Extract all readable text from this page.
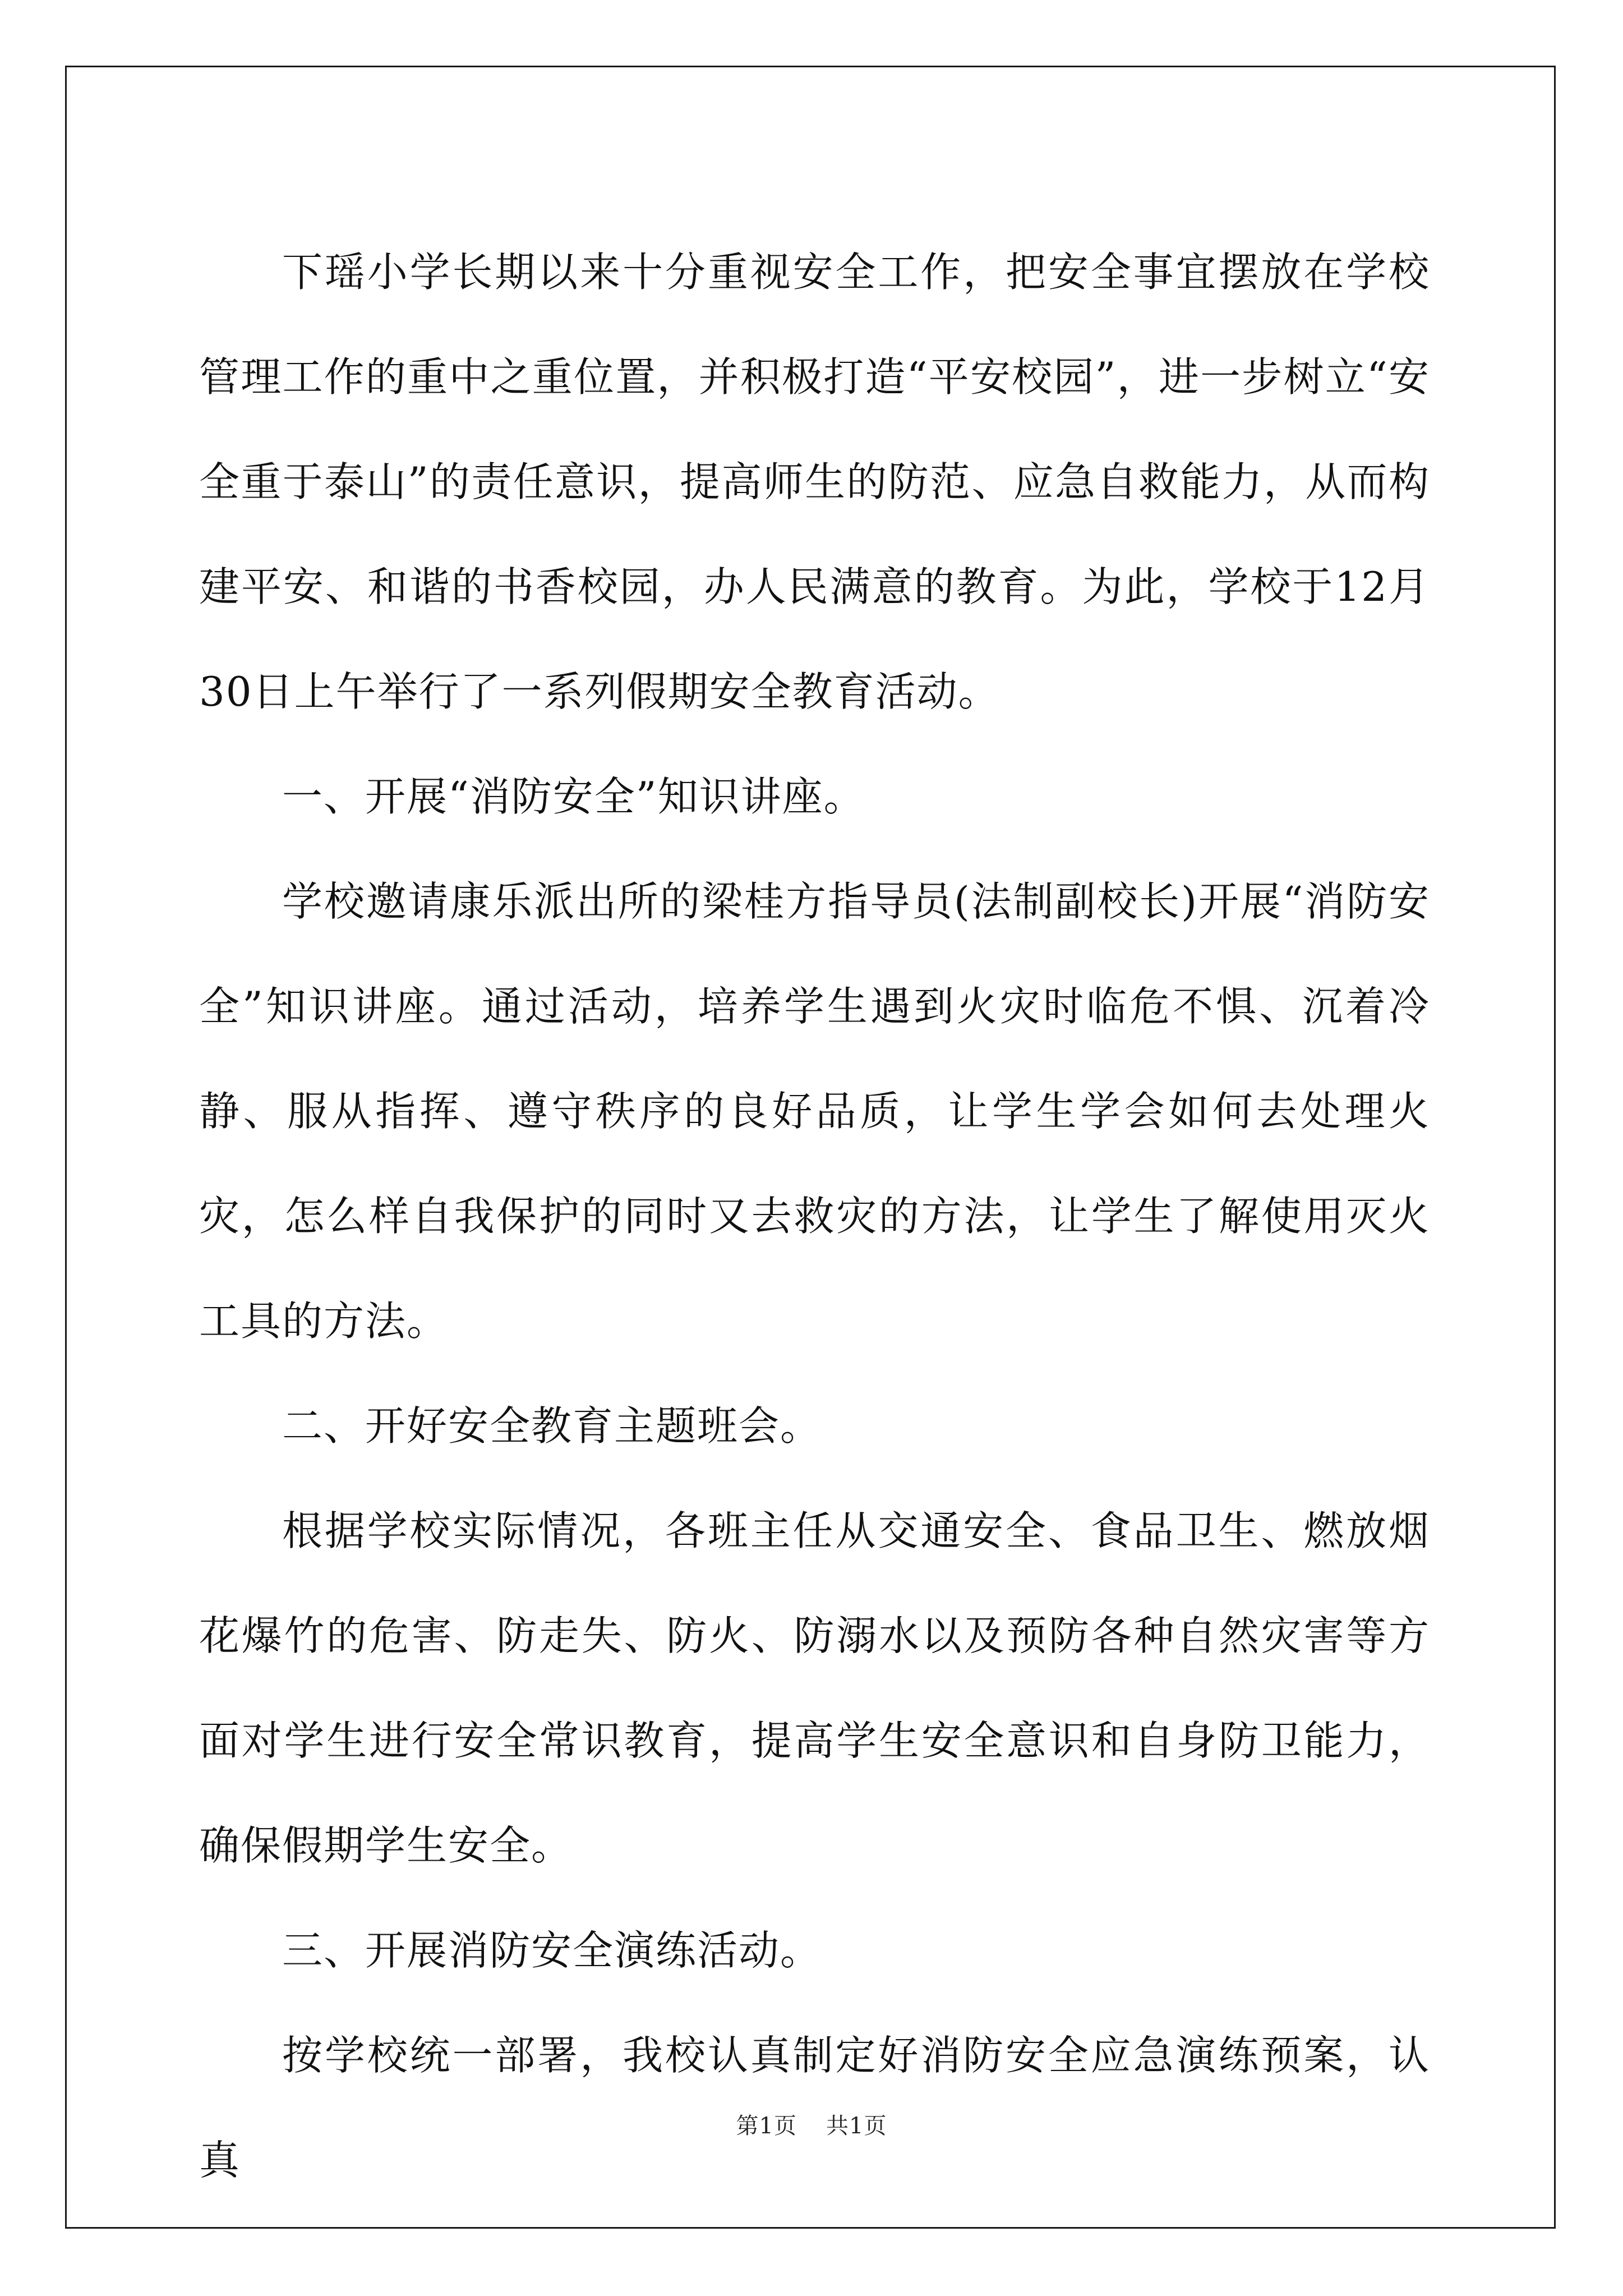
下瑶小学长期以来十分重视安全工作，把安全事宜摆放在学校管理工作的重中之重位置，并积极打造“平安校园”，进一步树立“安全重于泰山”的责任意识，提高师生的防范、应急自救能力，从而构建平安、和谐的书香校园，办人民满意的教育。为此，学校于12月30日上午举行了一系列假期安全教育活动。

一、开展“消防安全”知识讲座。

学校邀请康乐派出所的梁桂方指导员(法制副校长)开展“消防安全”知识讲座。通过活动，培养学生遇到火灾时临危不惧、沉着冷静、服从指挥、遵守秩序的良好品质，让学生学会如何去处理火灾，怎么样自我保护的同时又去救灾的方法，让学生了解使用灭火工具的方法。

二、开好安全教育主题班会。

根据学校实际情况，各班主任从交通安全、食品卫生、燃放烟花爆竹的危害、防走失、防火、防溺水以及预防各种自然灾害等方面对学生进行安全常识教育，提高学生安全意识和自身防卫能力，确保假期学生安全。

三、开展消防安全演练活动。

按学校统一部署，我校认真制定好消防安全应急演练预案，认真

第1页 共1页
